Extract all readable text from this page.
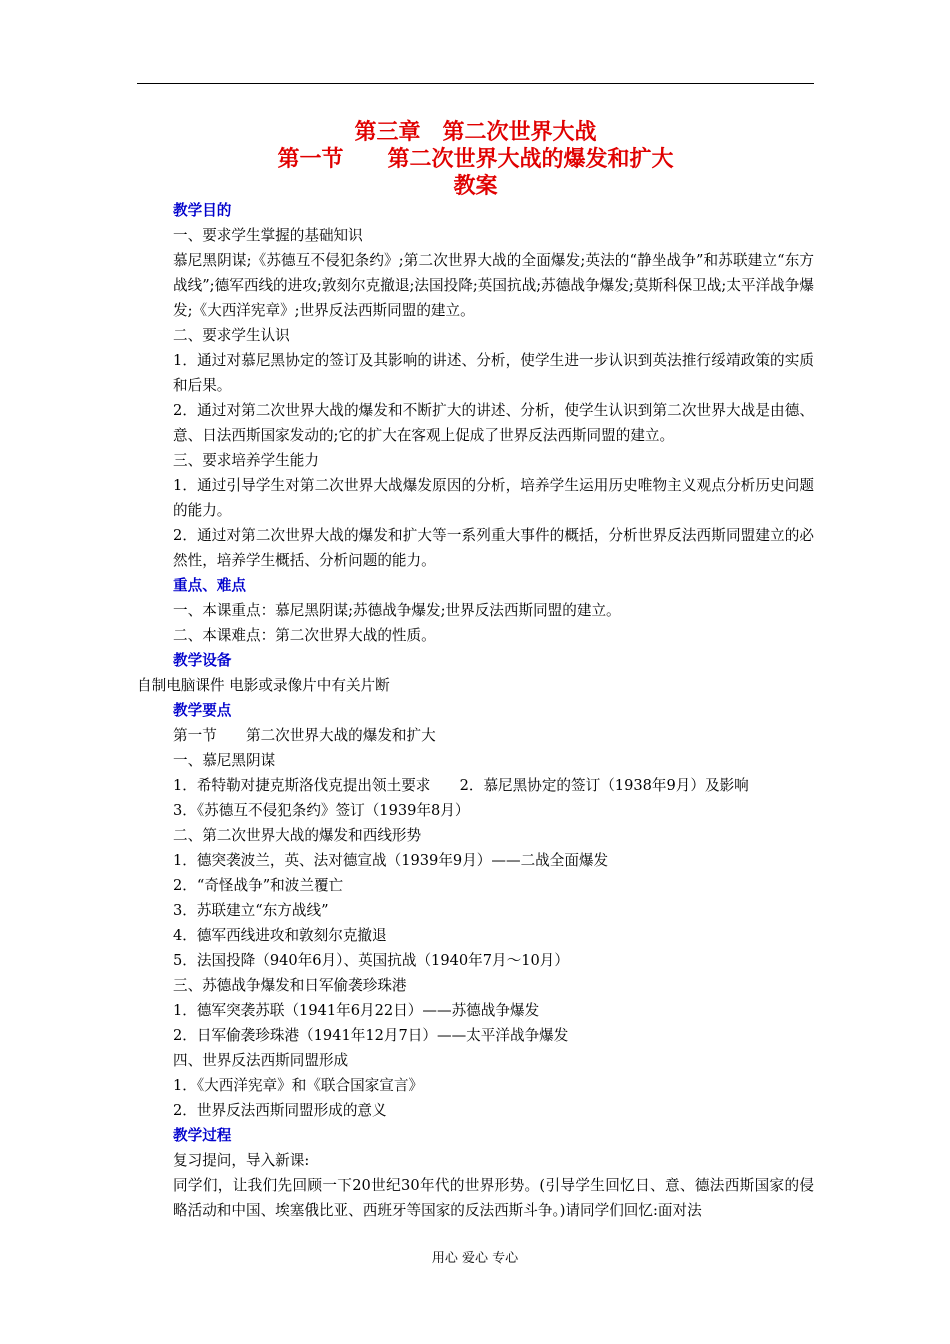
第三章　第二次世界大战
第一节　　第二次世界大战的爆发和扩大
教案
教学目的
一、要求学生掌握的基础知识
慕尼黑阴谋;《苏德互不侵犯条约》;第二次世界大战的全面爆发;英法的“静坐战争”和苏联建立“东方战线”;德军西线的进攻;敦刻尔克撤退;法国投降;英国抗战;苏德战争爆发;莫斯科保卫战;太平洋战争爆发;《大西洋宪章》;世界反法西斯同盟的建立。
二、要求学生认识
1．通过对慕尼黑协定的签订及其影响的讲述、分析，使学生进一步认识到英法推行绥靖政策的实质和后果。
2．通过对第二次世界大战的爆发和不断扩大的讲述、分析，使学生认识到第二次世界大战是由德、意、日法西斯国家发动的;它的扩大在客观上促成了世界反法西斯同盟的建立。
三、要求培养学生能力
1．通过引导学生对第二次世界大战爆发原因的分析，培养学生运用历史唯物主义观点分析历史问题的能力。
2．通过对第二次世界大战的爆发和扩大等一系列重大事件的概括，分析世界反法西斯同盟建立的必然性，培养学生概括、分析问题的能力。
重点、难点
一、本课重点：慕尼黑阴谋;苏德战争爆发;世界反法西斯同盟的建立。
二、本课难点：第二次世界大战的性质。
教学设备
自制电脑课件 电影或录像片中有关片断
教学要点
第一节　　第二次世界大战的爆发和扩大
一、慕尼黑阴谋
1．希特勒对捷克斯洛伐克提出领土要求　　2．慕尼黑协定的签订（1938年9月）及影响
3．《苏德互不侵犯条约》签订（1939年8月）
二、第二次世界大战的爆发和西线形势
1．德突袭波兰，英、法对德宣战（1939年9月）——二战全面爆发
2．“奇怪战争”和波兰覆亡
3．苏联建立“东方战线”
4．德军西线进攻和敦刻尔克撤退
5．法国投降（940年6月）、英国抗战（1940年7月～10月）
三、苏德战争爆发和日军偷袭珍珠港
1．德军突袭苏联（1941年6月22日）——苏德战争爆发
2．日军偷袭珍珠港（1941年12月7日）——太平洋战争爆发
四、世界反法西斯同盟形成
1．《大西洋宪章》和《联合国家宣言》
2．世界反法西斯同盟形成的意义
教学过程
复习提问，导入新课:
同学们，让我们先回顾一下20世纪30年代的世界形势。(引导学生回忆日、意、德法西斯国家的侵略活动和中国、埃塞俄比亚、西班牙等国家的反法西斯斗争。)请同学们回忆:面对法
用心 爱心 专心
